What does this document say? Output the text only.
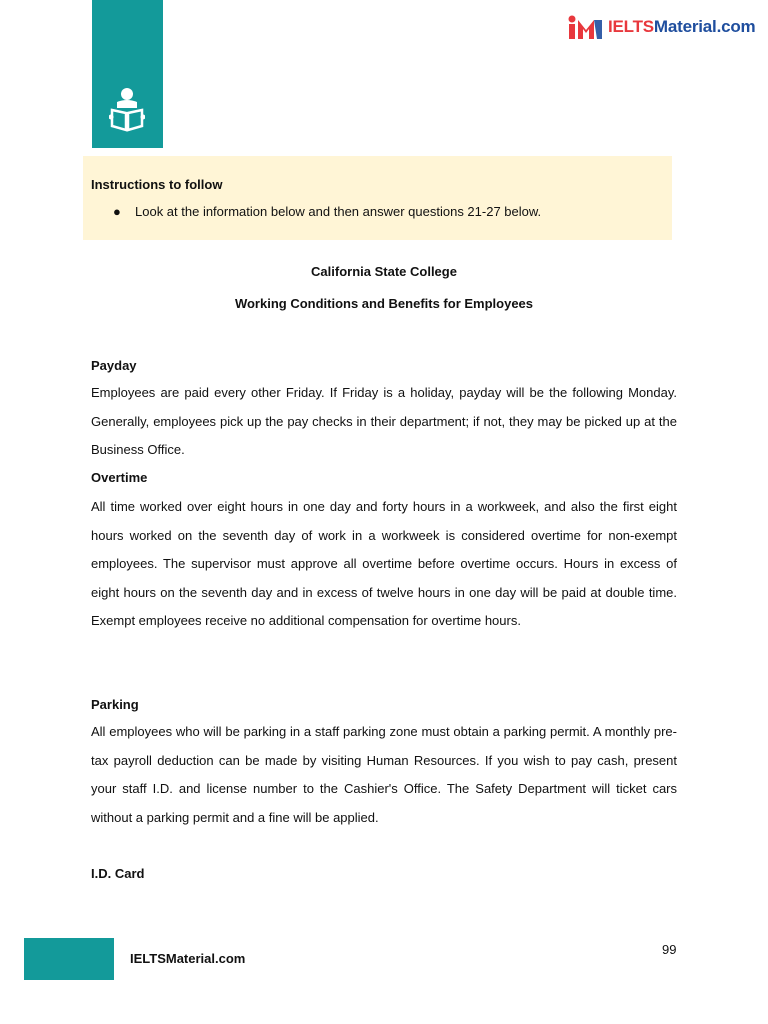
IELTSMaterial.com
Instructions to follow
●	Look at the information below and then answer questions 21-27 below.
California State College
Working Conditions and Benefits for Employees
Payday
Employees are paid every other Friday. If Friday is a holiday, payday will be the following Monday. Generally, employees pick up the pay checks in their department; if not, they may be picked up at the Business Office.
Overtime
All time worked over eight hours in one day and forty hours in a workweek, and also the first eight hours worked on the seventh day of work in a workweek is considered overtime for non-exempt employees. The supervisor must approve all overtime before overtime occurs. Hours in excess of eight hours on the seventh day and in excess of twelve hours in one day will be paid at double time. Exempt employees receive no additional compensation for overtime hours.
Parking
All employees who will be parking in a staff parking zone must obtain a parking permit. A monthly pre-tax payroll deduction can be made by visiting Human Resources. If you wish to pay cash, present your staff I.D. and license number to the Cashier's Office. The Safety Department will ticket cars without a parking permit and a fine will be applied.
I.D. Card
IELTSMaterial.com
99
